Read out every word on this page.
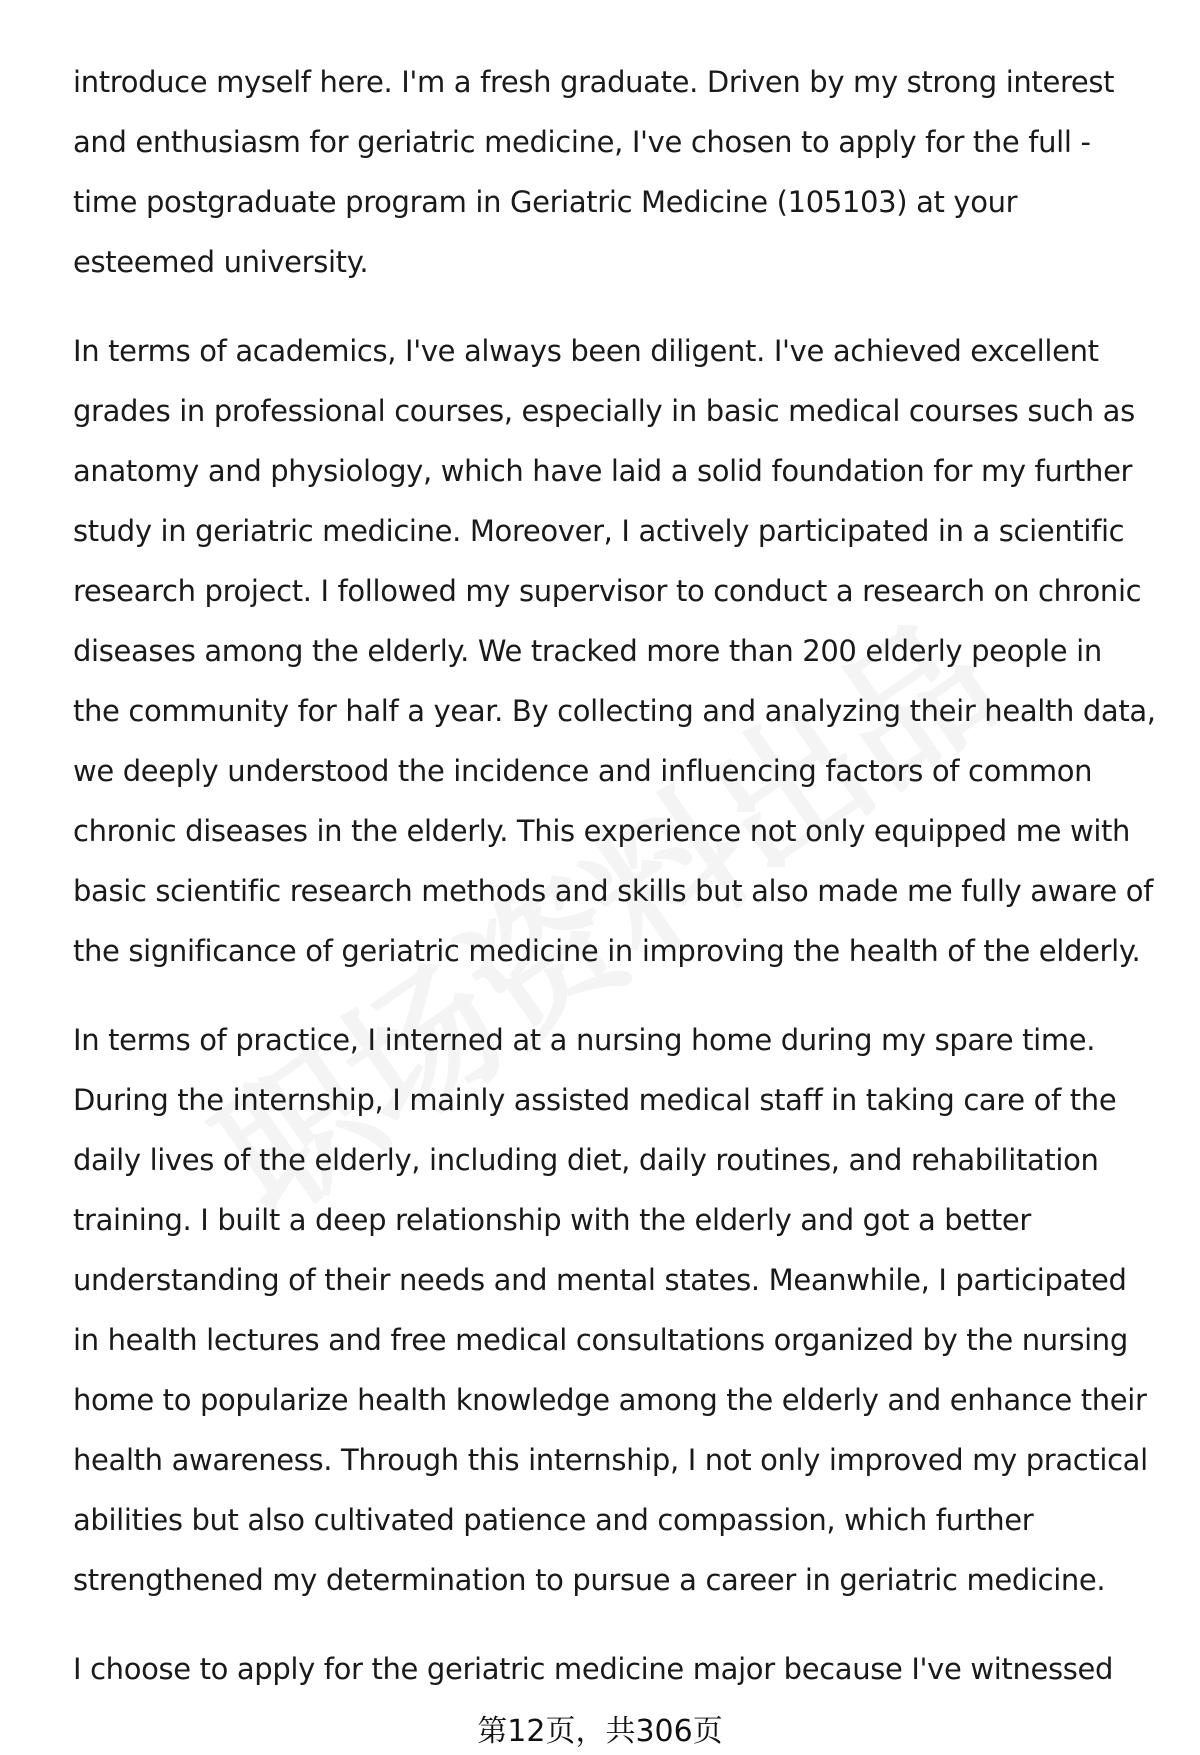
introduce myself here. I'm a fresh graduate. Driven by my strong interest
and enthusiasm for geriatric medicine, I've chosen to apply for the full -
time postgraduate program in Geriatric Medicine (105103) at your
esteemed university.

In terms of academics, I've always been diligent. I've achieved excellent
grades in professional courses, especially in basic medical courses such as
anatomy and physiology, which have laid a solid foundation for my further
study in geriatric medicine. Moreover, I actively participated in a scientific
research project. I followed my supervisor to conduct a research on chronic
diseases among the elderly. We tracked more than 200 elderly people in
the community for half a year. By collecting and analyzing their health data,
we deeply understood the incidence and influencing factors of common
chronic diseases in the elderly. This experience not only equipped me with
basic scientific research methods and skills but also made me fully aware of
the significance of geriatric medicine in improving the health of the elderly.

In terms of practice, I interned at a nursing home during my spare time.
During the internship, I mainly assisted medical staff in taking care of the
daily lives of the elderly, including diet, daily routines, and rehabilitation
training. I built a deep relationship with the elderly and got a better
understanding of their needs and mental states. Meanwhile, I participated
in health lectures and free medical consultations organized by the nursing
home to popularize health knowledge among the elderly and enhance their
health awareness. Through this internship, I not only improved my practical
abilities but also cultivated patience and compassion, which further
strengthened my determination to pursue a career in geriatric medicine.

I choose to apply for the geriatric medicine major because I've witnessed

第12页，共306页
